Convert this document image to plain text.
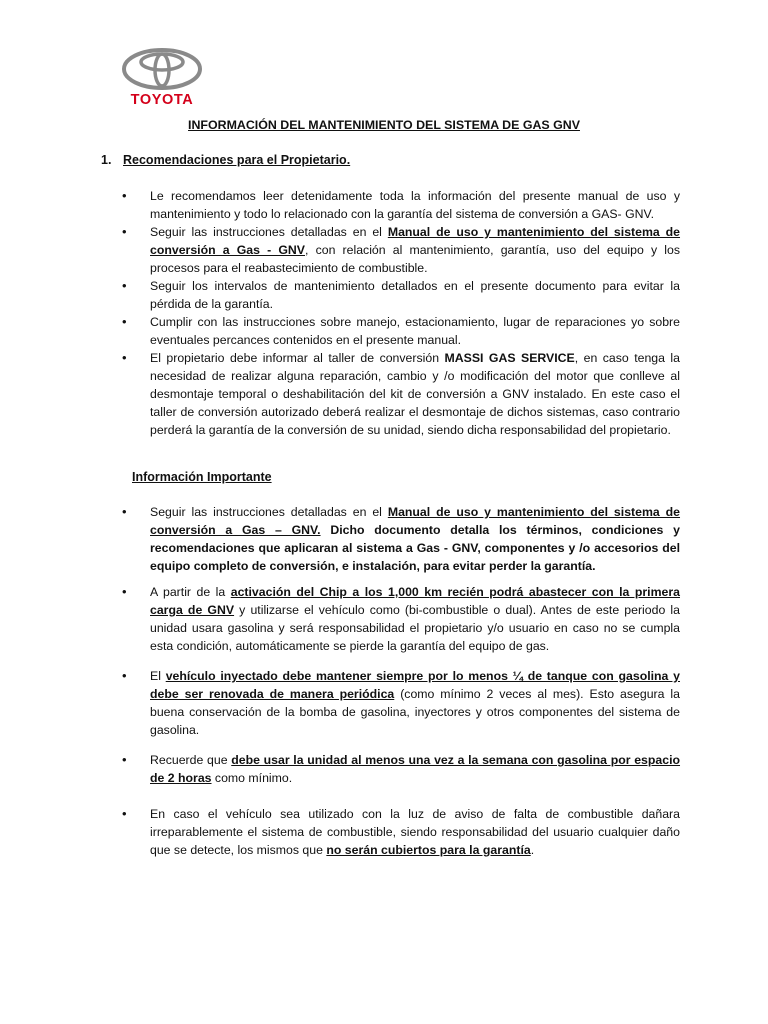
TOYOTA
INFORMACIÓN DEL MANTENIMIENTO DEL SISTEMA DE GAS GNV
1. Recomendaciones para el Propietario.
• Le recomendamos leer detenidamente toda la información del presente manual de uso y mantenimiento y todo lo relacionado con la garantía del sistema de conversión a GAS- GNV.
• Seguir las instrucciones detalladas en el Manual de uso y mantenimiento del sistema de conversión a Gas - GNV, con relación al mantenimiento, garantía, uso del equipo y los procesos para el reabastecimiento de combustible.
• Seguir los intervalos de mantenimiento detallados en el presente documento para evitar la pérdida de la garantía.
• Cumplir con las instrucciones sobre manejo, estacionamiento, lugar de reparaciones yo sobre eventuales percances contenidos en el presente manual.
• El propietario debe informar al taller de conversión MASSI GAS SERVICE, en caso tenga la necesidad de realizar alguna reparación, cambio y /o modificación del motor que conlleve al desmontaje temporal o deshabilitación del kit de conversión a GNV instalado. En este caso el taller de conversión autorizado deberá realizar el desmontaje de dichos sistemas, caso contrario perderá la garantía de la conversión de su unidad, siendo dicha responsabilidad del propietario.
Información Importante
• Seguir las instrucciones detalladas en el Manual de uso y mantenimiento del sistema de conversión a Gas – GNV. Dicho documento detalla los términos, condiciones y recomendaciones que aplicaran al sistema a Gas - GNV, componentes y /o accesorios del equipo completo de conversión, e instalación, para evitar perder la garantía.
• A partir de la activación del Chip a los 1,000 km recién podrá abastecer con la primera carga de GNV y utilizarse el vehículo como (bi-combustible o dual). Antes de este periodo la unidad usara gasolina y será responsabilidad el propietario y/o usuario en caso no se cumpla esta condición, automáticamente se pierde la garantía del equipo de gas.
• El vehículo inyectado debe mantener siempre por lo menos ¼ de tanque con gasolina y debe ser renovada de manera periódica (como mínimo 2 veces al mes). Esto asegura la buena conservación de la bomba de gasolina, inyectores y otros componentes del sistema de gasolina.
• Recuerde que debe usar la unidad al menos una vez a la semana con gasolina por espacio de 2 horas como mínimo.
• En caso el vehículo sea utilizado con la luz de aviso de falta de combustible dañara irreparablemente el sistema de combustible, siendo responsabilidad del usuario cualquier daño que se detecte, los mismos que no serán cubiertos para la garantía.
